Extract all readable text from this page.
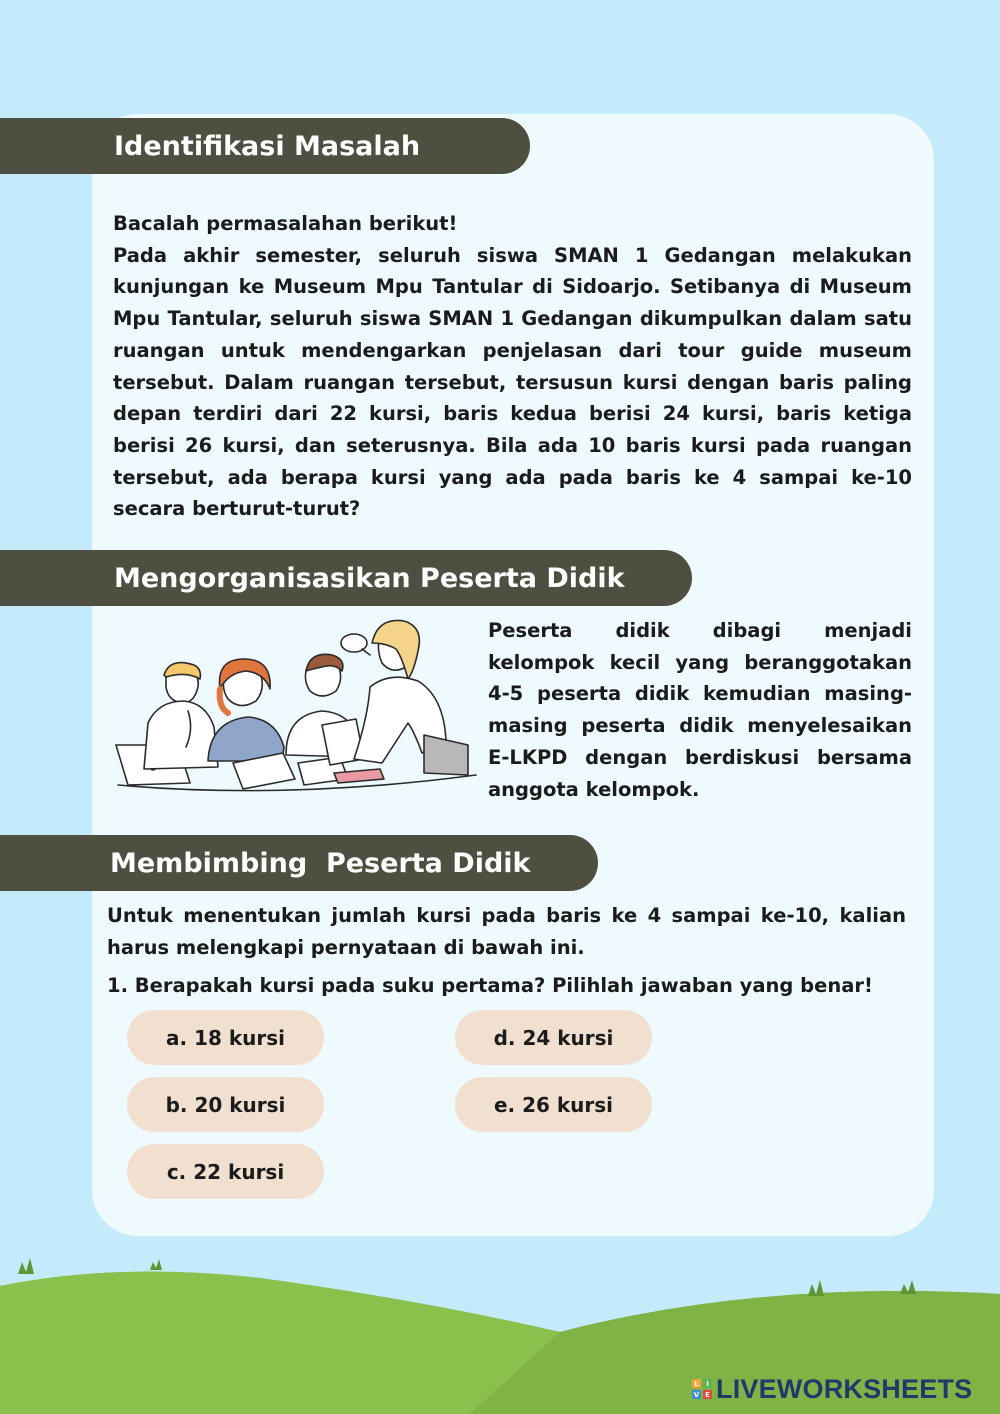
Identifikasi Masalah

Bacalah permasalahan berikut!
Pada akhir semester, seluruh siswa SMAN 1 Gedangan melakukan kunjungan ke Museum Mpu Tantular di Sidoarjo. Setibanya di Museum Mpu Tantular, seluruh siswa SMAN 1 Gedangan dikumpulkan dalam satu ruangan untuk mendengarkan penjelasan dari tour guide museum tersebut. Dalam ruangan tersebut, tersusun kursi dengan baris paling depan terdiri dari 22 kursi, baris kedua berisi 24 kursi, baris ketiga berisi 26 kursi, dan seterusnya. Bila ada 10 baris kursi pada ruangan tersebut, ada berapa kursi yang ada pada baris ke 4 sampai ke-10 secara berturut-turut?

Mengorganisasikan Peserta Didik

Peserta didik dibagi menjadi kelompok kecil yang beranggotakan 4-5 peserta didik kemudian masing-masing peserta didik menyelesaikan E-LKPD dengan berdiskusi bersama anggota kelompok.

Membimbing  Peserta Didik

Untuk menentukan jumlah kursi pada baris ke 4 sampai ke-10, kalian harus melengkapi pernyataan di bawah ini.

1. Berapakah kursi pada suku pertama? Pilihlah jawaban yang benar!

a. 18 kursi
b. 20 kursi
c. 22 kursi
d. 24 kursi
e. 26 kursi
L	I
V E LIVEWORKSHEETS
